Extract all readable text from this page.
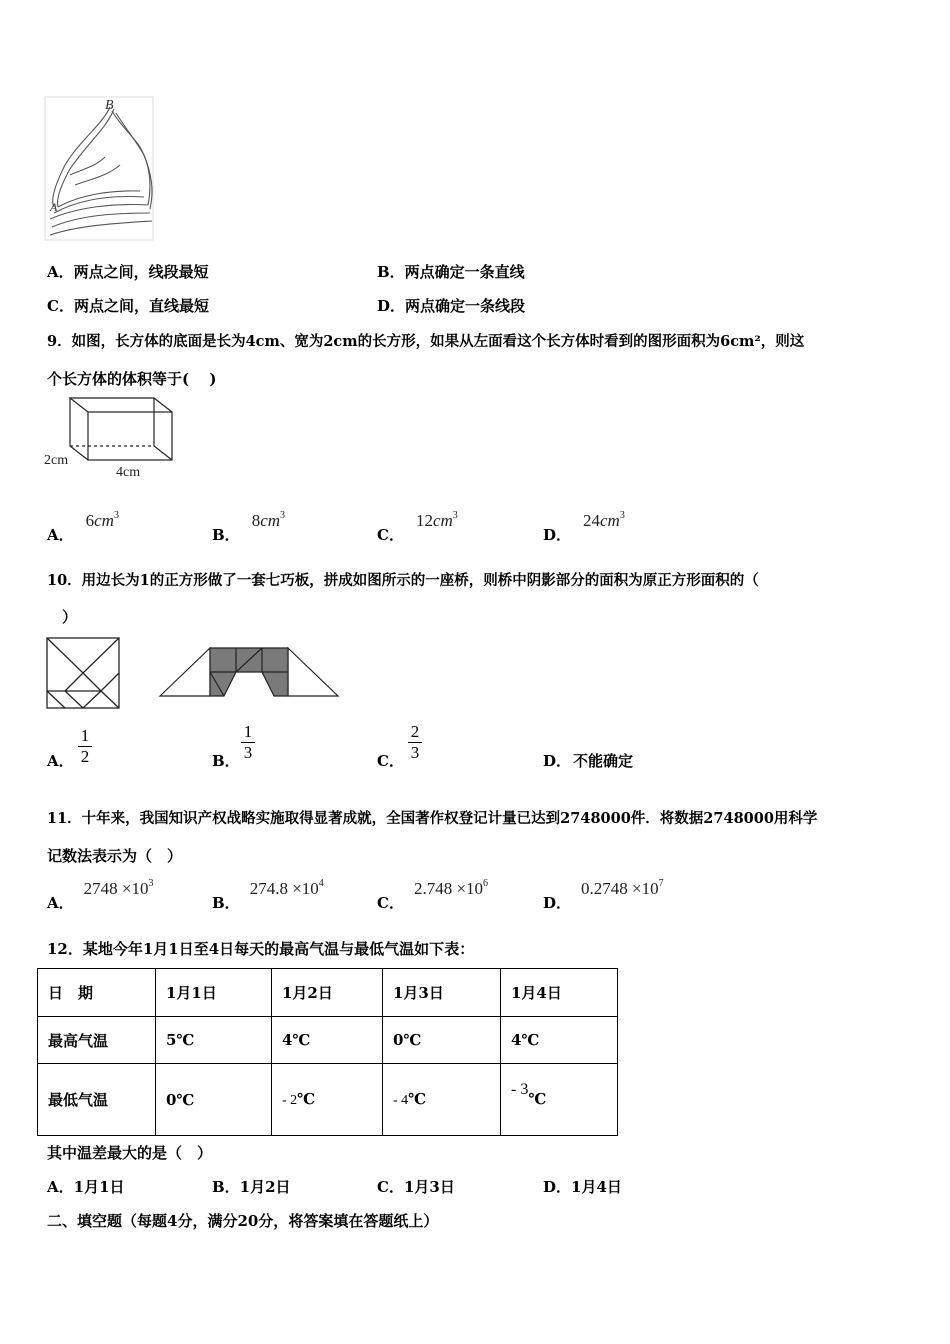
B
A
A．两点之间，线段最短	B．两点确定一条直线
C．两点之间，直线最短	D．两点确定一条线段
9．如图，长方体的底面是长为4cm、宽为2cm的长方形，如果从左面看这个长方体时看到的图形面积为6cm²，则这
个长方体的体积等于(　 )
2cm
4cm
A．$6cm^3$
B．$8cm^3$
C．$12cm^3$
D．$24cm^3$
10．用边长为1的正方形做了一套七巧板，拼成如图所示的一座桥，则桥中阴影部分的面积为原正方形面积的（
　）
A．
1
2	B．
1
3	C．
2
3	D． 不能确定
11．十年来，我国知识产权战略实施取得显著成就，全国著作权登记计量已达到2748000件．将数据2748000用科学
记数法表示为（　）
A．$2748 \times 10^3$
B．$274.8 \times 10^4$
C．$2.748 \times 10^6$
D．$0.2748 \times 10^7$
12．某地今年1月1日至4日每天的最高气温与最低气温如下表：
日　期	1月1日	1月2日	1月3日	1月4日
最高气温	5℃	4℃	0℃	4℃
最低气温	0℃	- 2℃	- 4℃	- 3℃
其中温差最大的是（　）
A．1月1日	B．1月2日	C．1月3日	D．1月4日
二、填空题（每题4分，满分20分，将答案填在答题纸上）
